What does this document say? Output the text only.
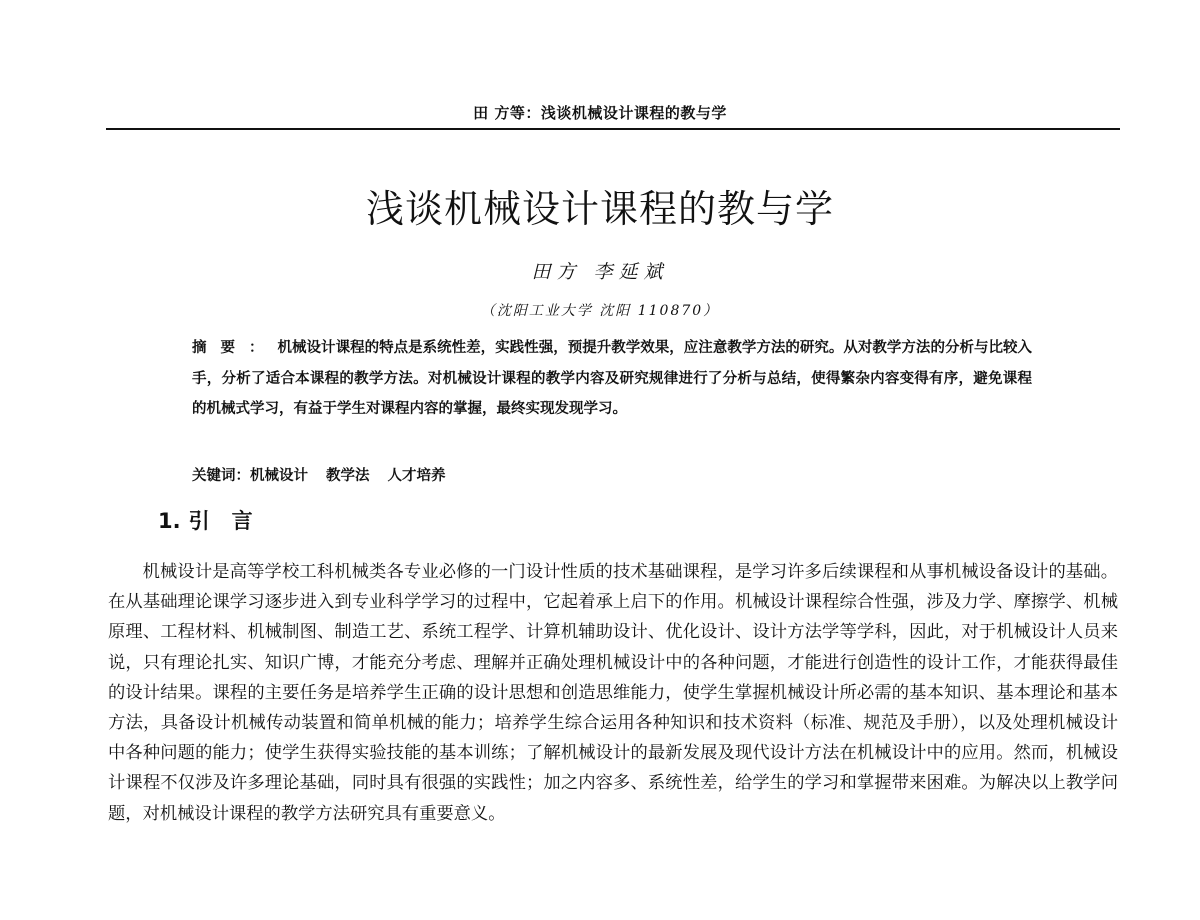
田 方等：浅谈机械设计课程的教与学
浅谈机械设计课程的教与学
田方 李延斌
（沈阳工业大学 沈阳 110870）
摘要：机械设计课程的特点是系统性差，实践性强，预提升教学效果，应注意教学方法的研究。从对教学方法的分析与比较入手，分析了适合本课程的教学方法。对机械设计课程的教学内容及研究规律进行了分析与总结，使得繁杂内容变得有序，避免课程的机械式学习，有益于学生对课程内容的掌握，最终实现发现学习。
关键词：机械设计 教学法 人才培养
1. 引言
机械设计是高等学校工科机械类各专业必修的一门设计性质的技术基础课程，是学习许多后续课程和从事机械设备设计的基础。在从基础理论课学习逐步进入到专业科学学习的过程中，它起着承上启下的作用。机械设计课程综合性强，涉及力学、摩擦学、机械原理、工程材料、机械制图、制造工艺、系统工程学、计算机辅助设计、优化设计、设计方法学等学科，因此，对于机械设计人员来说，只有理论扎实、知识广博，才能充分考虑、理解并正确处理机械设计中的各种问题，才能进行创造性的设计工作，才能获得最佳的设计结果。课程的主要任务是培养学生正确的设计思想和创造思维能力，使学生掌握机械设计所必需的基本知识、基本理论和基本方法，具备设计机械传动装置和简单机械的能力；培养学生综合运用各种知识和技术资料（标准、规范及手册），以及处理机械设计中各种问题的能力；使学生获得实验技能的基本训练；了解机械设计的最新发展及现代设计方法在机械设计中的应用。然而，机械设计课程不仅涉及许多理论基础，同时具有很强的实践性；加之内容多、系统性差，给学生的学习和掌握带来困难。为解决以上教学问题，对机械设计课程的教学方法研究具有重要意义。
